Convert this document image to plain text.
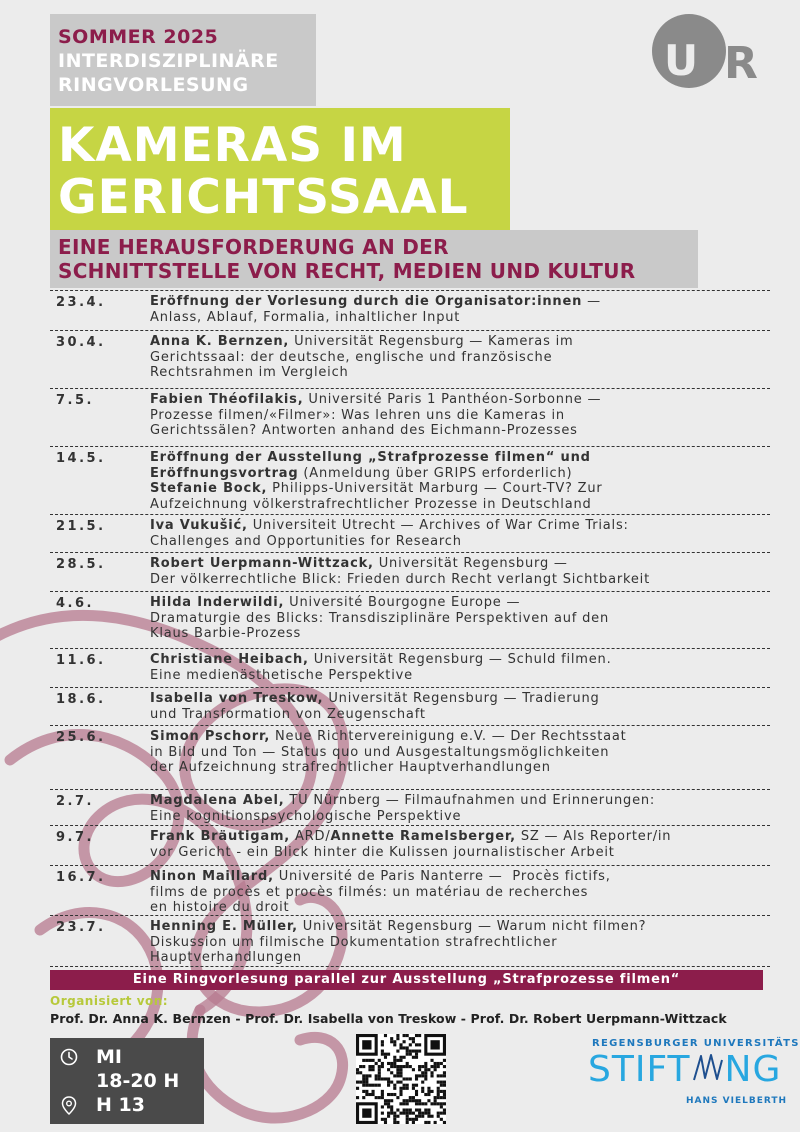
SOMMER 2025
INTERDISZIPLINÄRE
RINGVORLESUNG
KAMERAS IM
GERICHTSSAAL
EINE HERAUSFORDERUNG AN DER
SCHNITTSTELLE VON RECHT, MEDIEN UND KULTUR
U R
23.4.	Eröffnung der Vorlesung durch die Organisator:innen —
Anlass, Ablauf, Formalia, inhaltlicher Input
30.4.	Anna K. Bernzen, Universität Regensburg — Kameras im
Gerichtssaal: der deutsche, englische und französische
Rechtsrahmen im Vergleich
7.5.	Fabien Théofilakis, Université Paris 1 Panthéon-Sorbonne —
Prozesse filmen/«Filmer»: Was lehren uns die Kameras in
Gerichtssälen? Antworten anhand des Eichmann-Prozesses
14.5.	Eröffnung der Ausstellung „Strafprozesse filmen“ und
Eröffnungsvortrag (Anmeldung über GRIPS erforderlich)
Stefanie Bock, Philipps-Universität Marburg — Court-TV? Zur
Aufzeichnung völkerstrafrechtlicher Prozesse in Deutschland
21.5.	Iva Vukušić, Universiteit Utrecht — Archives of War Crime Trials:
Challenges and Opportunities for Research
28.5.	Robert Uerpmann-Wittzack, Universität Regensburg —
Der völkerrechtliche Blick: Frieden durch Recht verlangt Sichtbarkeit
4.6.	Hilda Inderwildi, Université Bourgogne Europe —
Dramaturgie des Blicks: Transdisziplinäre Perspektiven auf den
Klaus Barbie-Prozess
11.6.	Christiane Heibach, Universität Regensburg — Schuld filmen.
Eine medienästhetische Perspektive
18.6.	Isabella von Treskow, Universität Regensburg — Tradierung
und Transformation von Zeugenschaft
25.6.	Simon Pschorr, Neue Richtervereinigung e.V. — Der Rechtsstaat
in Bild und Ton — Status quo und Ausgestaltungsmöglichkeiten
der Aufzeichnung strafrechtlicher Hauptverhandlungen
2.7.	Magdalena Abel, TU Nürnberg — Filmaufnahmen und Erinnerungen:
Eine kognitionspsychologische Perspektive
9.7.	Frank Bräutigam, ARD/Annette Ramelsberger, SZ — Als Reporter/in
vor Gericht - ein Blick hinter die Kulissen journalistischer Arbeit
16.7.	Ninon Maillard, Université de Paris Nanterre —  Procès fictifs,
films de procès et procès filmés: un matériau de recherches
en histoire du droit
23.7.	Henning E. Müller, Universität Regensburg — Warum nicht filmen?
Diskussion um filmische Dokumentation strafrechtlicher
Hauptverhandlungen
Eine Ringvorlesung parallel zur Ausstellung „Strafprozesse filmen“
Organisiert von:
Prof. Dr. Anna K. Bernzen - Prof. Dr. Isabella von Treskow - Prof. Dr. Robert Uerpmann-Wittzack
MI
18-20 H
H 13
REGENSBURGER UNIVERSITÄTS
STIFT NG
HANS VIELBERTH
